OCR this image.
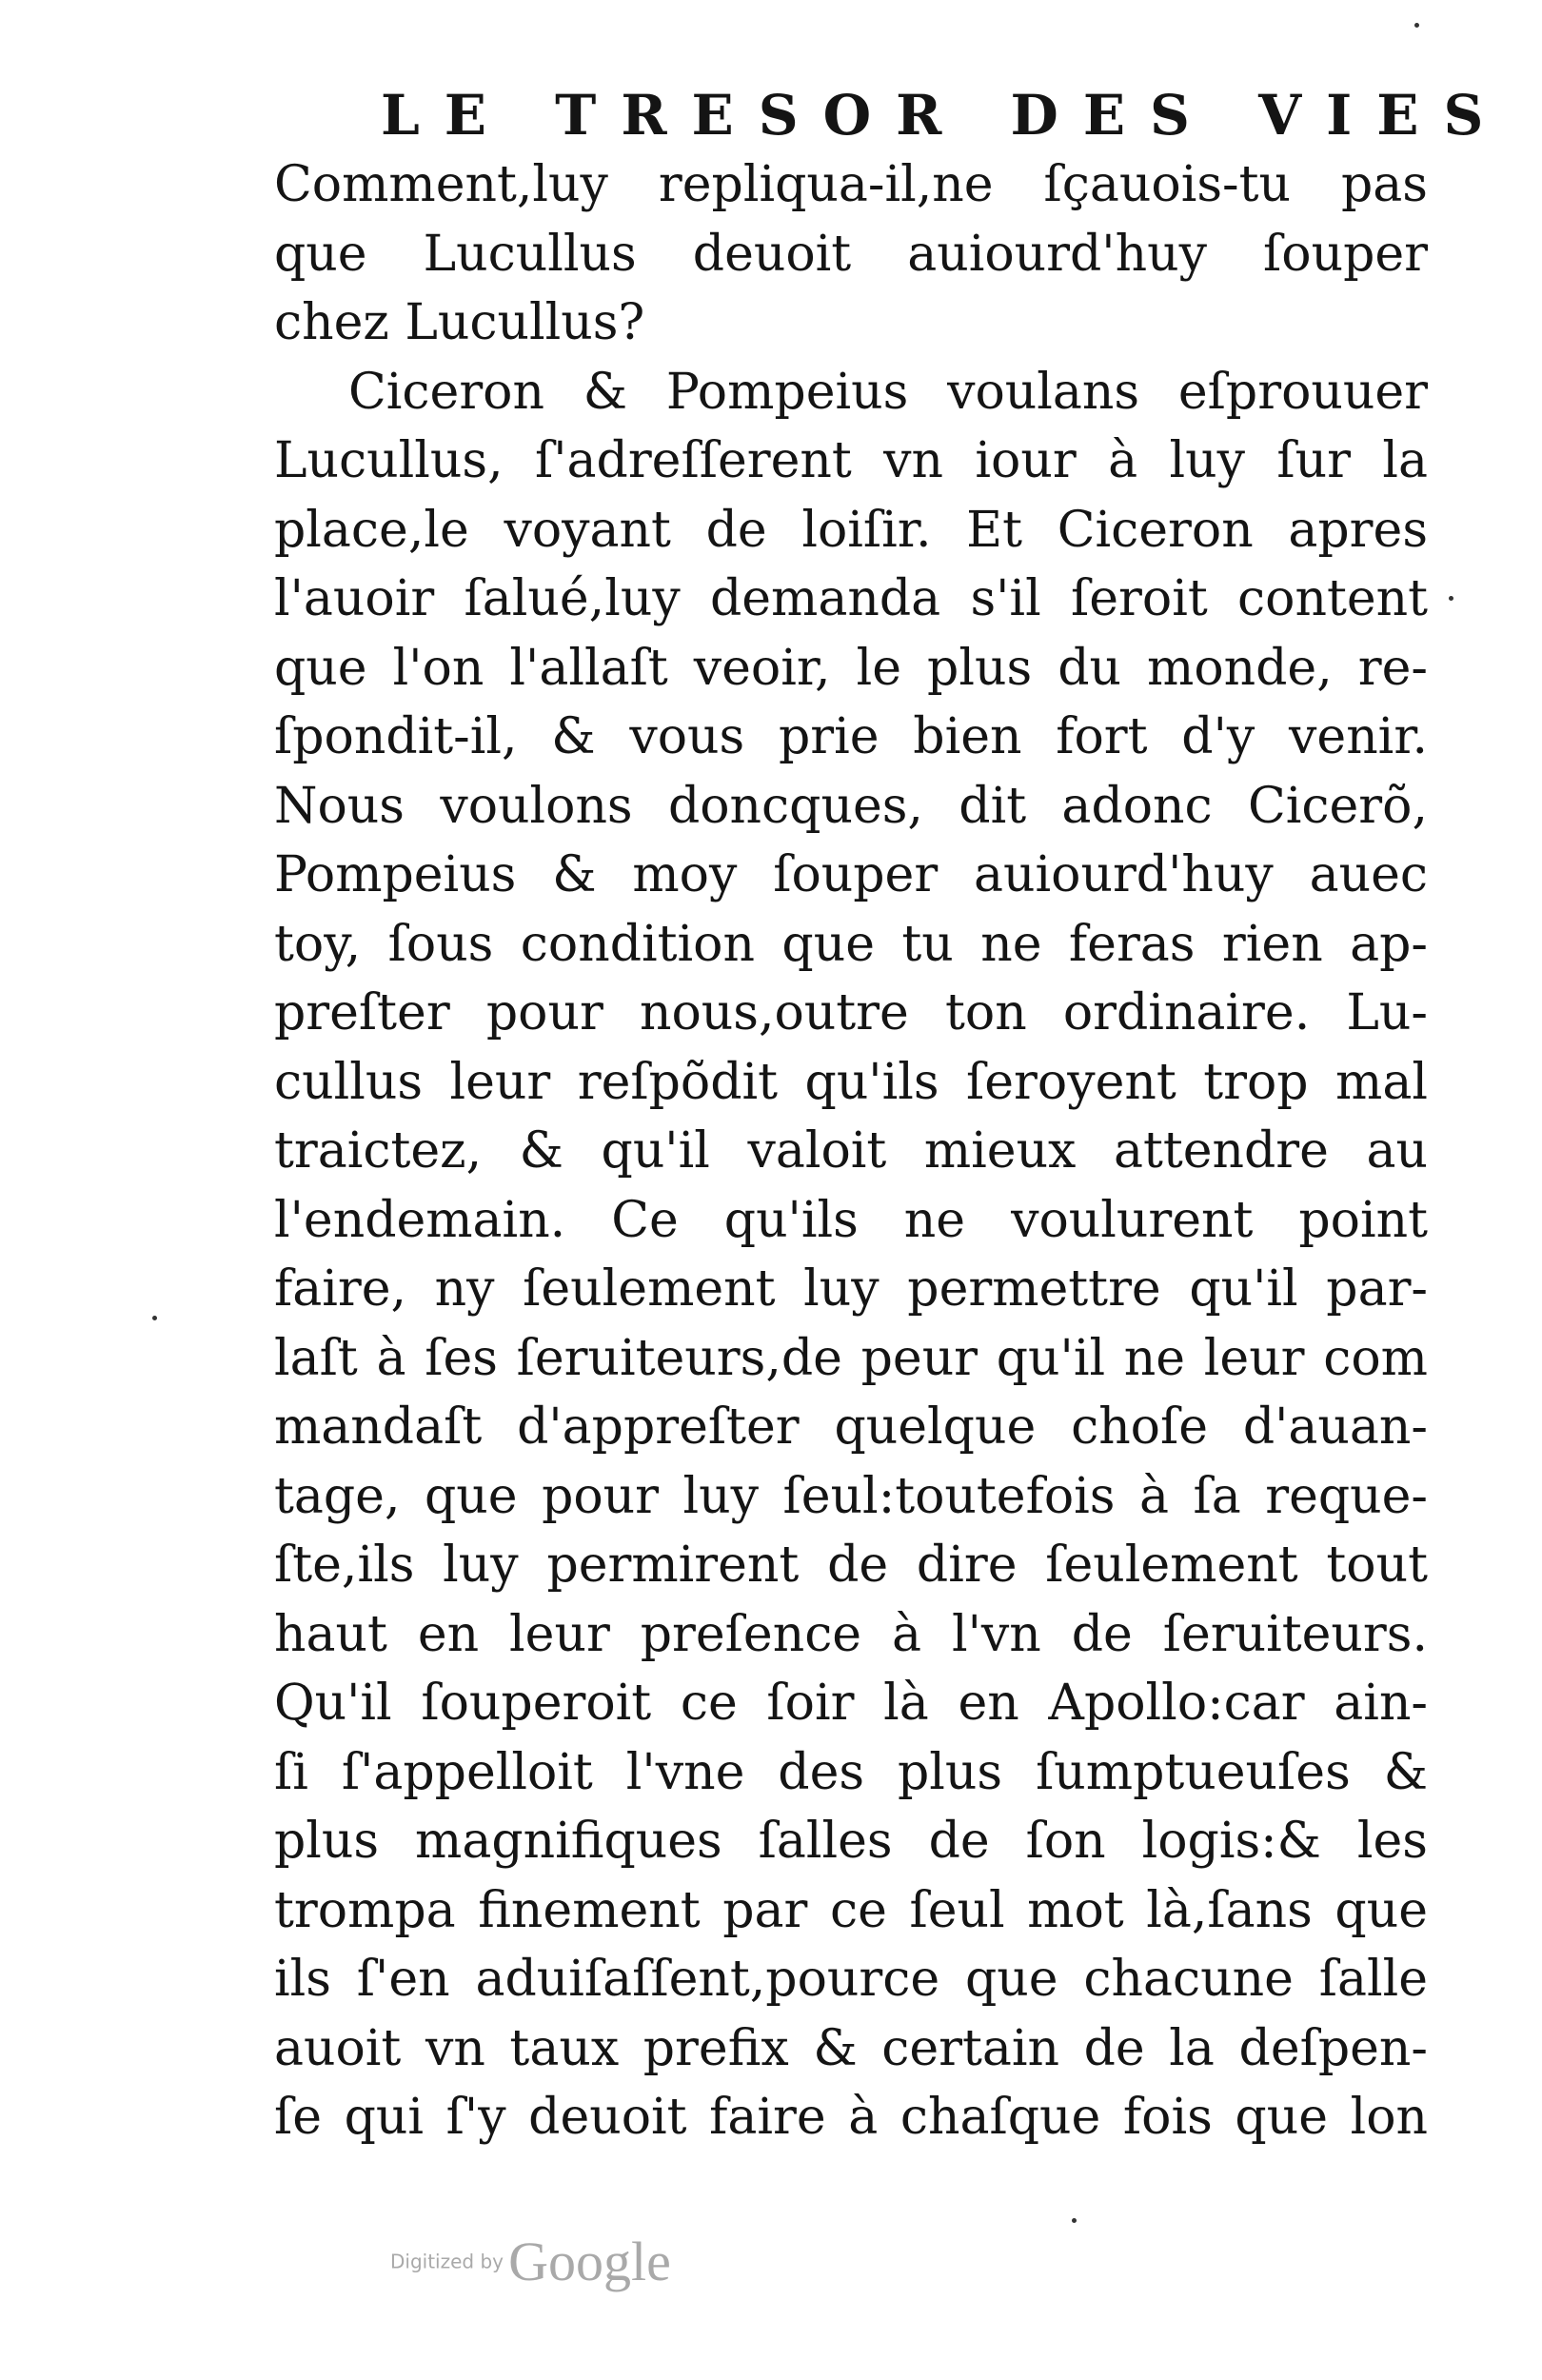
LE TRESOR DES VIES
Comment,luy repliqua-il,ne ſçauois-tu pas
que Lucullus deuoit auiourd'huy ſouper
chez Lucullus?
Ciceron & Pompeius voulans eſprouuer
Lucullus, ſ'adreſſerent vn iour à luy ſur la
place,le voyant de loiſir. Et Ciceron apres
l'auoir ſalué,luy demanda s'il ſeroit content
que l'on l'allaſt veoir, le plus du monde, re-
ſpondit-il, & vous prie bien fort d'y venir.
Nous voulons doncques, dit adonc Cicerõ,
Pompeius & moy ſouper auiourd'huy auec
toy, ſous condition que tu ne feras rien ap-
preſter pour nous,outre ton ordinaire. Lu-
cullus leur reſpõdit qu'ils ſeroyent trop mal
traictez, & qu'il valoit mieux attendre au
l'endemain. Ce qu'ils ne voulurent point
faire, ny ſeulement luy permettre qu'il par-
laſt à ſes ſeruiteurs,de peur qu'il ne leur com
mandaſt d'appreſter quelque choſe d'auan-
tage, que pour luy ſeul:toutefois à ſa reque-
ſte,ils luy permirent de dire ſeulement tout
haut en leur preſence à l'vn de ſeruiteurs.
Qu'il ſouperoit ce ſoir là en Apollo:car ain-
ſi ſ'appelloit l'vne des plus ſumptueuſes &
plus magnifiques ſalles de ſon logis:& les
trompa finement par ce ſeul mot là,ſans que
ils ſ'en aduiſaſſent,pource que chacune ſalle
auoit vn taux prefix & certain de la deſpen-
ſe qui ſ'y deuoit faire à chaſque fois que lon
Digitized by Google
